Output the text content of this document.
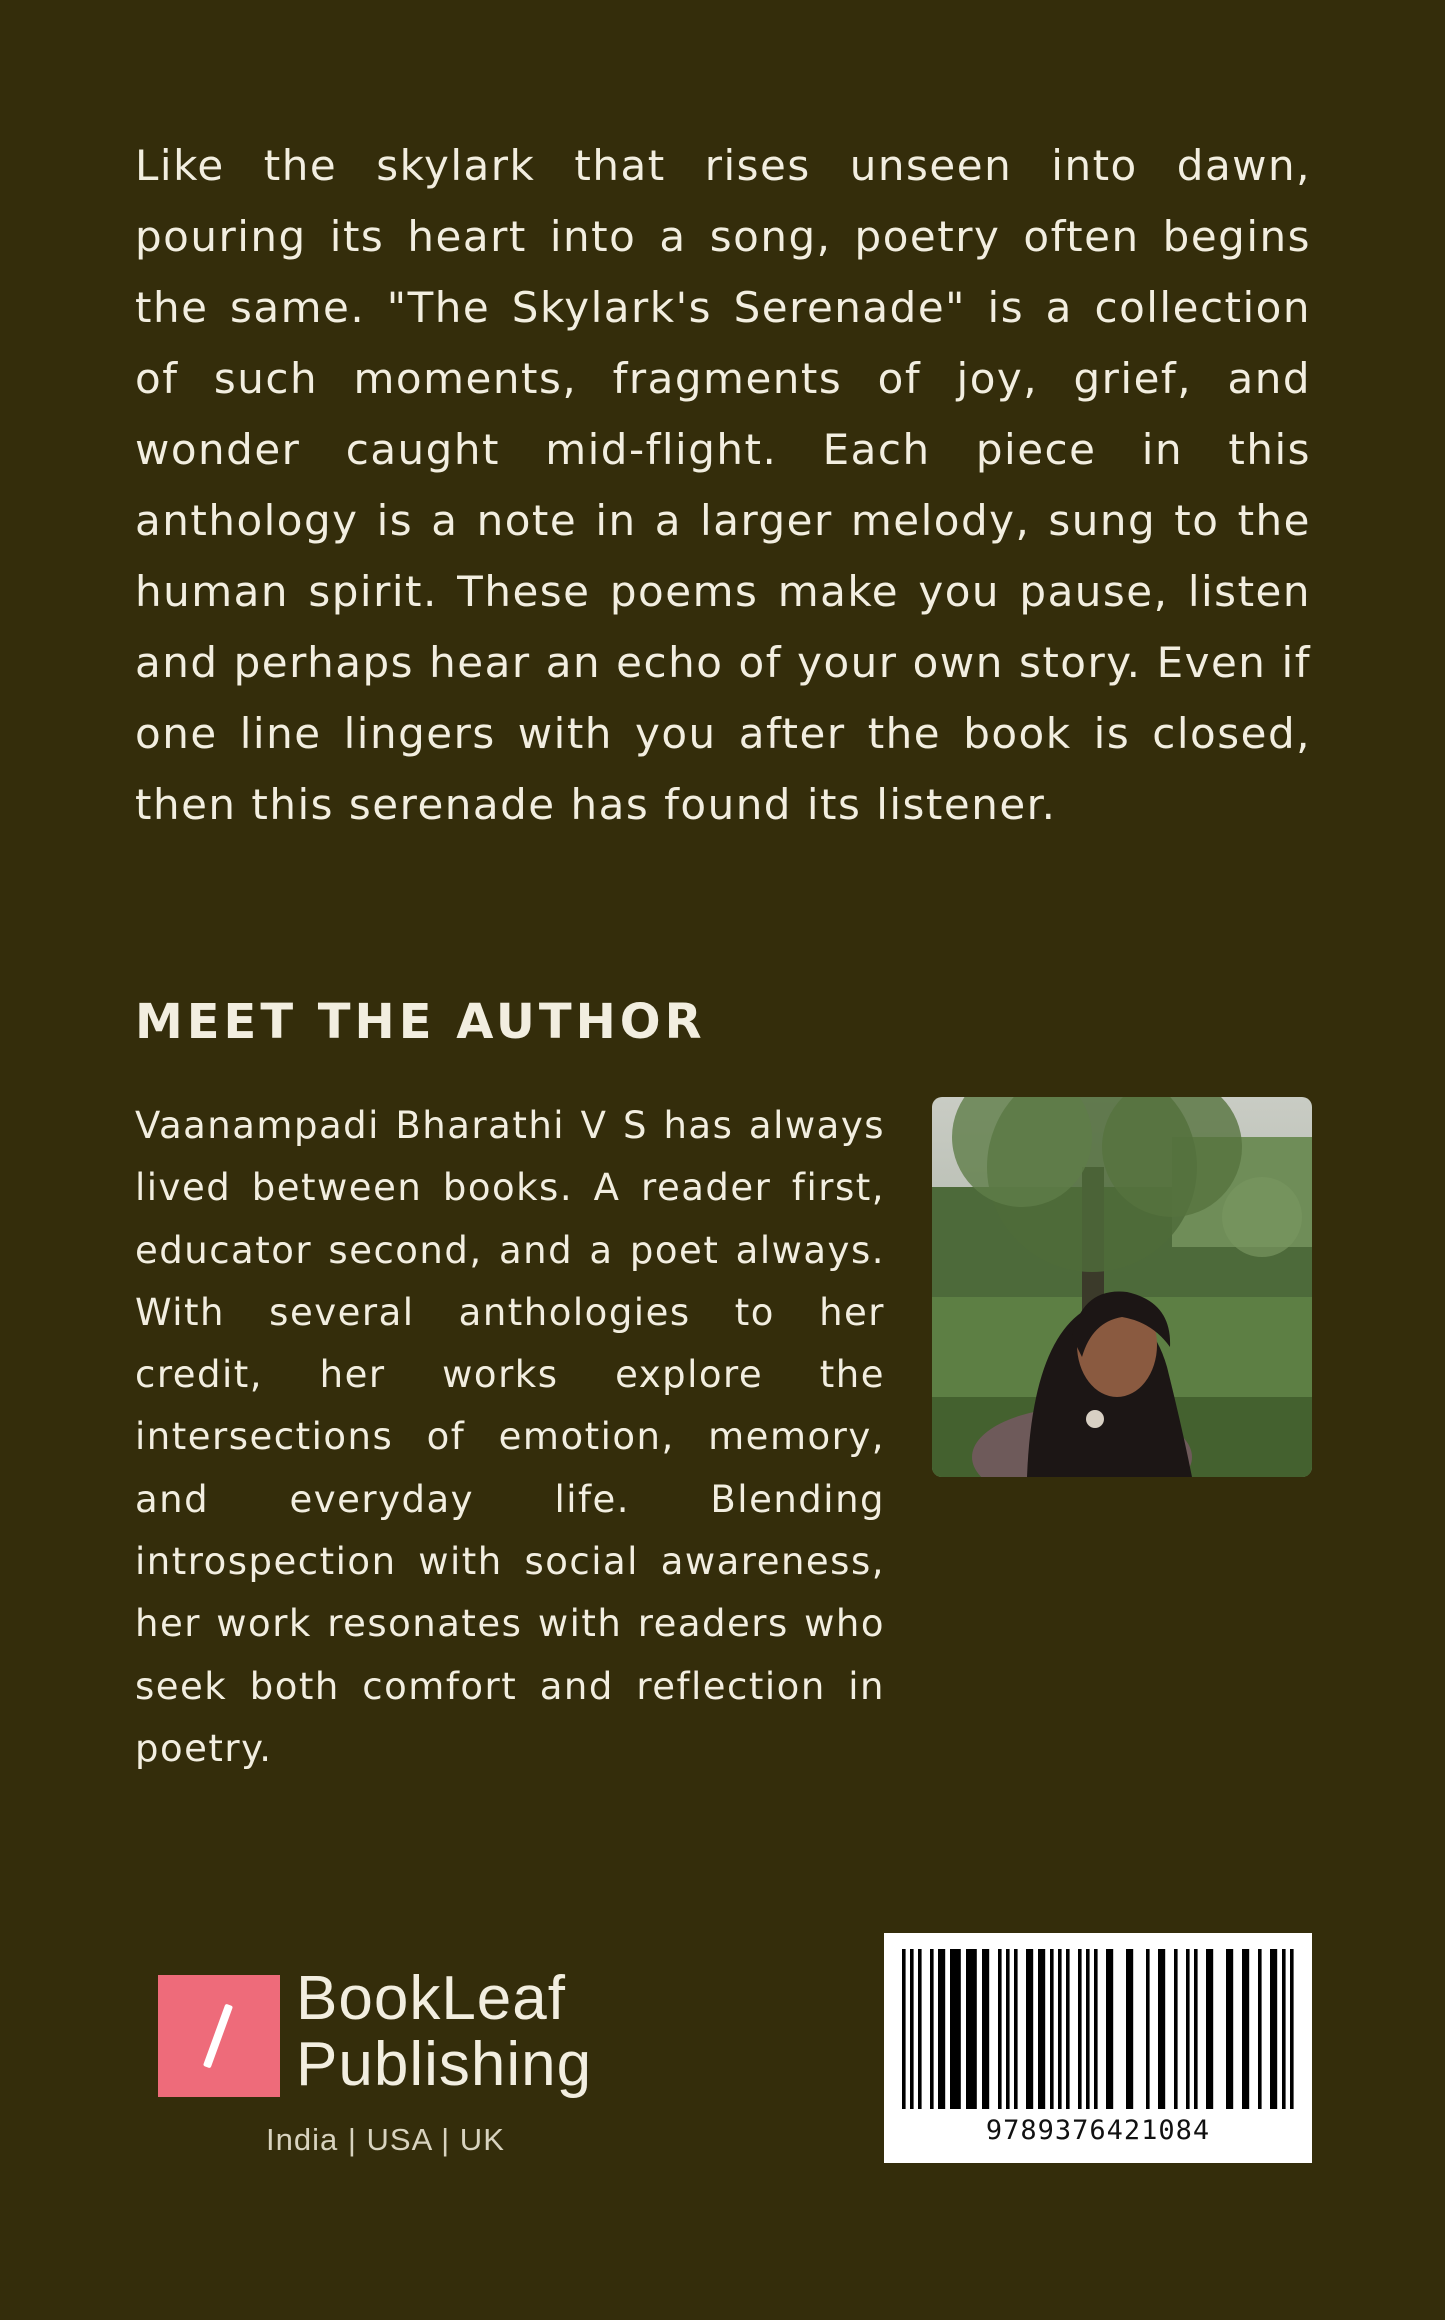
Like the skylark that rises unseen into dawn, pouring its heart into a song, poetry often begins the same. "The Skylark's Serenade" is a collection of such moments, fragments of joy, grief, and wonder caught mid-flight. Each piece in this anthology is a note in a larger melody, sung to the human spirit. These poems make you pause, listen and perhaps hear an echo of your own story. Even if one line lingers with you after the book is closed, then this serenade has found its listener.

MEET THE AUTHOR

Vaanampadi Bharathi V S has always lived between books. A reader first, educator second, and a poet always. With several anthologies to her credit, her works explore the intersections of emotion, memory, and everyday life. Blending introspection with social awareness, her work resonates with readers who seek both comfort and reflection in poetry.

BookLeaf
Publishing
India | USA | UK	9789376421084
